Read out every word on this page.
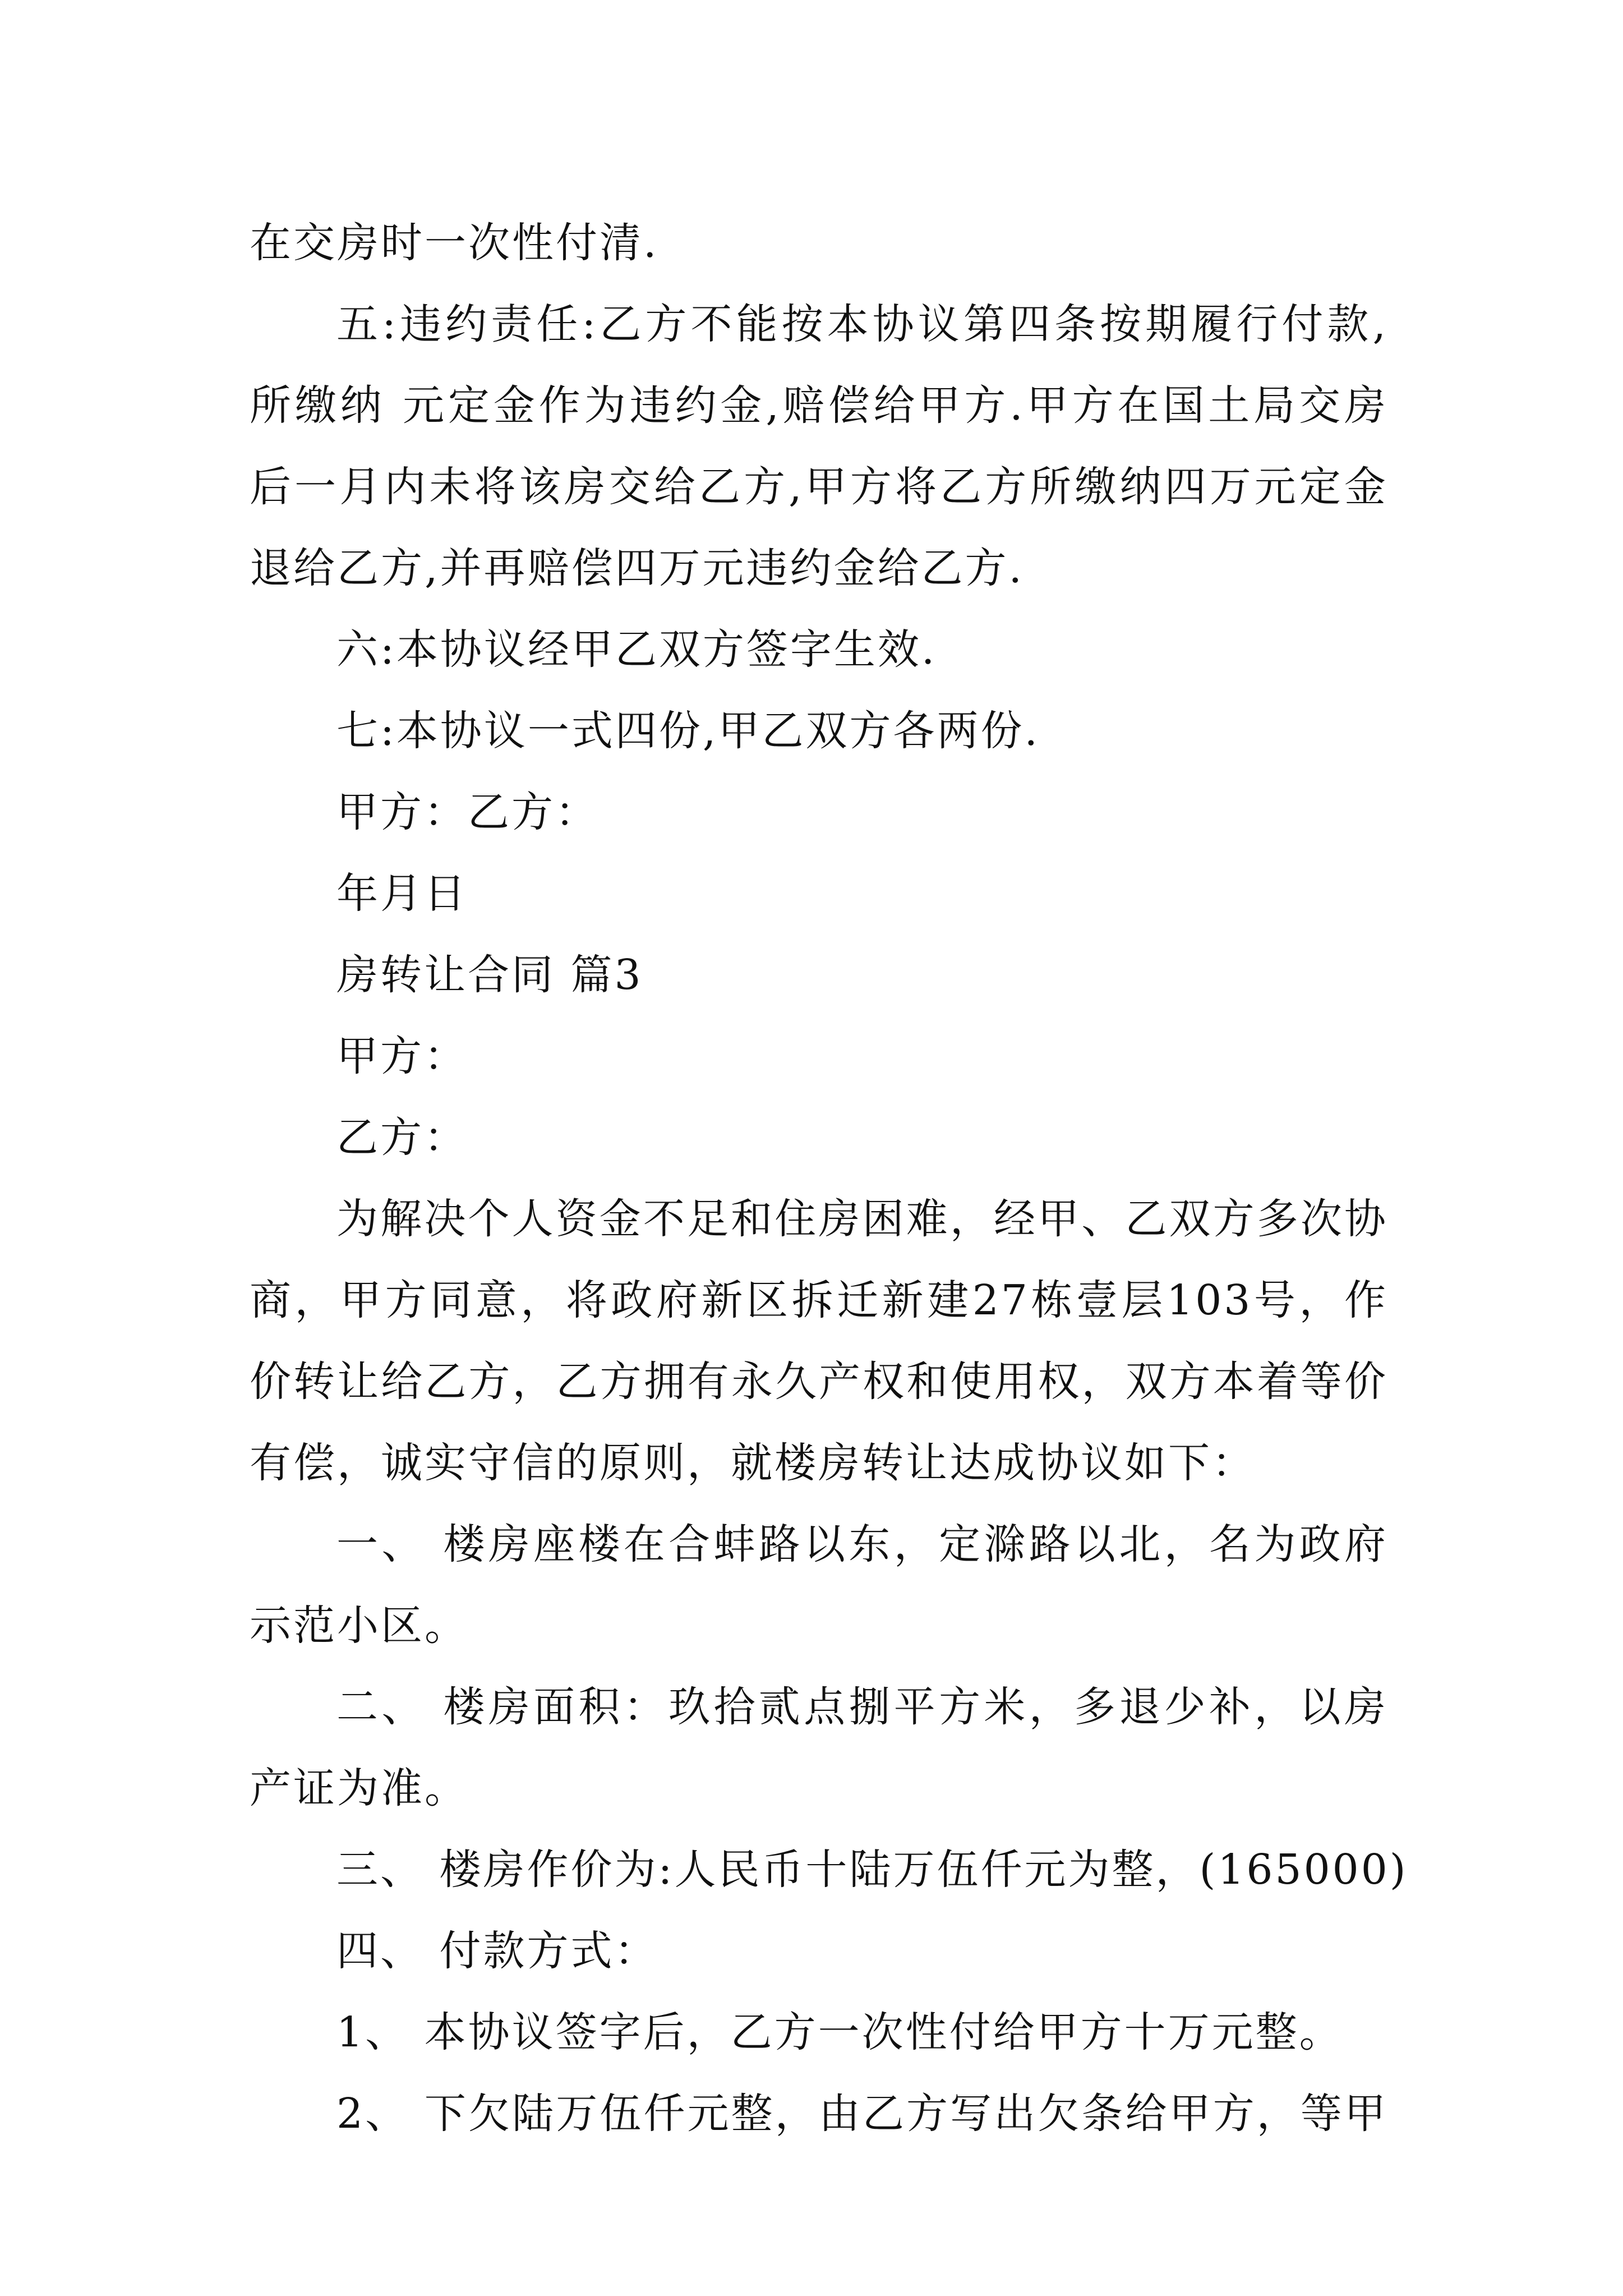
在交房时一次性付清.
五:违约责任:乙方不能按本协议第四条按期履行付款,
所缴纳 元定金作为违约金,赔偿给甲方.甲方在国土局交房
后一月内未将该房交给乙方,甲方将乙方所缴纳四万元定金
退给乙方,并再赔偿四万元违约金给乙方.
六:本协议经甲乙双方签字生效.
七:本协议一式四份,甲乙双方各两份.
甲方：乙方：
年月日
房转让合同 篇3
甲方：
乙方：
为解决个人资金不足和住房困难，经甲、乙双方多次协
商，甲方同意，将政府新区拆迁新建27栋壹层103号，作
价转让给乙方，乙方拥有永久产权和使用权，双方本着等价
有偿，诚实守信的原则，就楼房转让达成协议如下：
一、 楼房座楼在合蚌路以东，定滁路以北，名为政府
示范小区。
二、 楼房面积：玖拾贰点捌平方米，多退少补，以房
产证为准。
三、 楼房作价为:人民币十陆万伍仟元为整，(165000)
四、 付款方式：
1、 本协议签字后，乙方一次性付给甲方十万元整。
2、 下欠陆万伍仟元整，由乙方写出欠条给甲方，等甲
